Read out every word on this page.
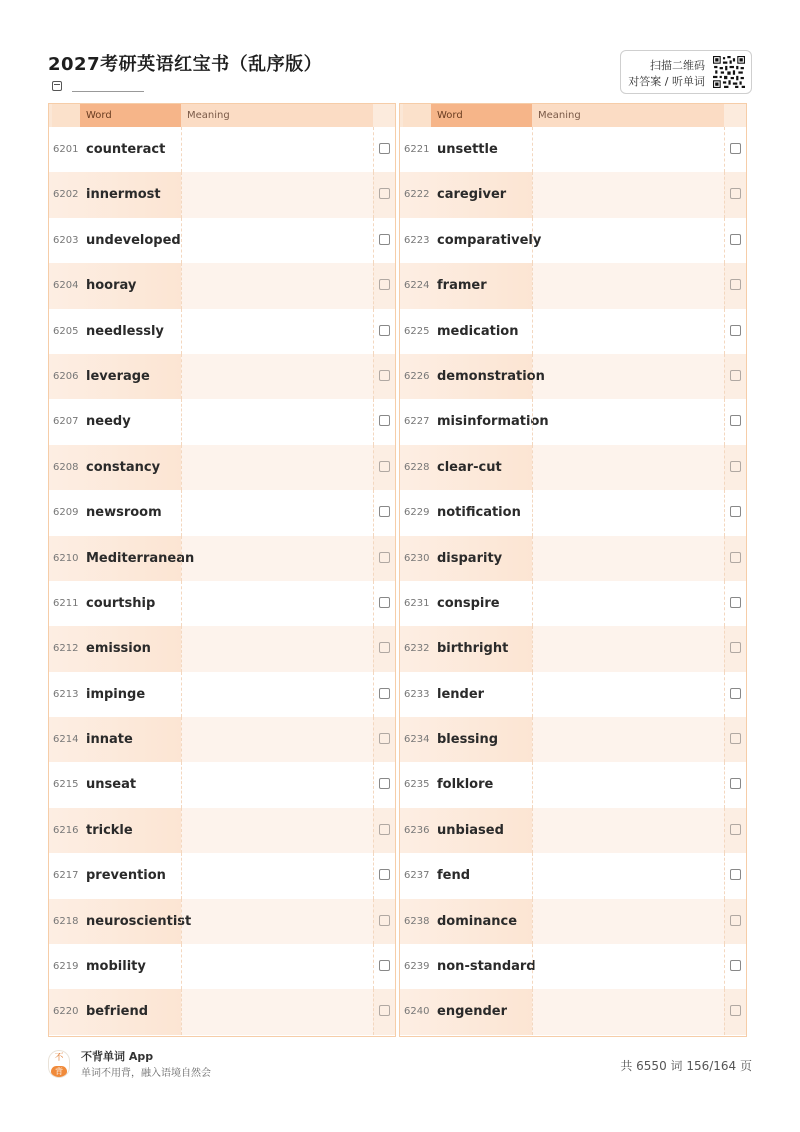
2027考研英语红宝书（乱序版）	扫描二维码
对答案 / 听单词
Word	Meaning
6201 counteract
6202 innermost
6203 undeveloped
6204 hooray
6205 needlessly
6206 leverage
6207 needy
6208 constancy
6209 newsroom
6210 Mediterranean
6211 courtship
6212 emission
6213 impinge
6214 innate
6215 unseat
6216 trickle
6217 prevention
6218 neuroscientist
6219 mobility
6220 befriend
Word	Meaning
6221 unsettle
6222 caregiver
6223 comparatively
6224 framer
6225 medication
6226 demonstration
6227 misinformation
6228 clear-cut
6229 notification
6230 disparity
6231 conspire
6232 birthright
6233 lender
6234 blessing
6235 folklore
6236 unbiased
6237 fend
6238 dominance
6239 non-standard
6240 engender
不
背
不背单词 App
单词不用背，融入语境自然会
共 6550 词 156/164 页
